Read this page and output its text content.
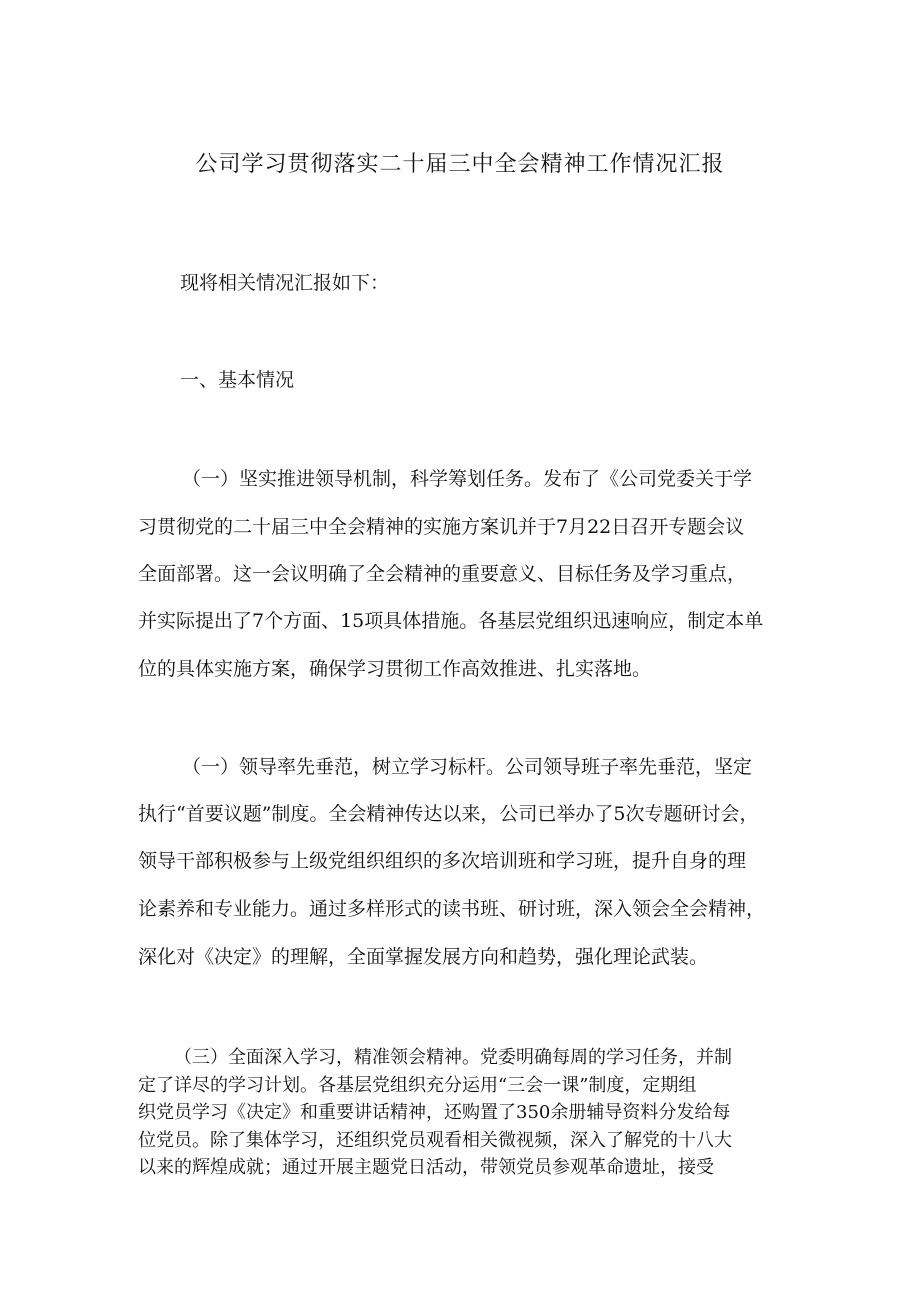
公司学习贯彻落实二十届三中全会精神工作情况汇报
现将相关情况汇报如下：
一、基本情况
（一）坚实推进领导机制，科学筹划任务。发布了《公司党委关于学
习贯彻党的二十届三中全会精神的实施方案讥并于7月22日召开专题会议
全面部署。这一会议明确了全会精神的重要意义、目标任务及学习重点，
并实际提出了7个方面、15项具体措施。各基层党组织迅速响应，制定本单
位的具体实施方案，确保学习贯彻工作高效推进、扎实落地。
（一）领导率先垂范，树立学习标杆。公司领导班子率先垂范，坚定
执行“首要议题”制度。全会精神传达以来，公司已举办了5次专题研讨会，
领导干部积极参与上级党组织组织的多次培训班和学习班，提升自身的理
论素养和专业能力。通过多样形式的读书班、研讨班，深入领会全会精神，
深化对《决定》的理解，全面掌握发展方向和趋势，强化理论武装。
（三）全面深入学习，精准领会精神。党委明确每周的学习任务，并制
定了详尽的学习计划。各基层党组织充分运用“三会一课”制度，定期组
织党员学习《决定》和重要讲话精神，还购置了350余册辅导资料分发给每
位党员。除了集体学习，还组织党员观看相关微视频，深入了解党的十八大
以来的辉煌成就；通过开展主题党日活动，带领党员参观革命遗址，接受
